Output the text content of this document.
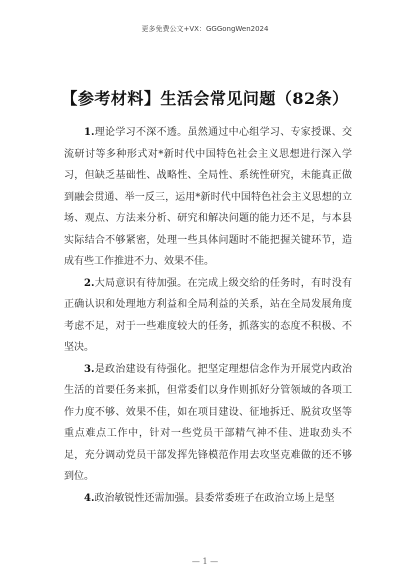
更多免费公文+VX：GGGongWen2024
【参考材料】生活会常见问题（82条）

1.理论学习不深不透。虽然通过中心组学习、专家授课、交流研讨等多种形式对*新时代中国特色社会主义思想进行深入学习，但缺乏基础性、战略性、全局性、系统性研究，未能真正做到融会贯通、举一反三，运用*新时代中国特色社会主义思想的立场、观点、方法来分析、研究和解决问题的能力还不足，与本县实际结合不够紧密，处理一些具体问题时不能把握关键环节，造成有些工作推进不力、效果不佳。

2.大局意识有待加强。在完成上级交给的任务时，有时没有正确认识和处理地方利益和全局利益的关系，站在全局发展角度考虑不足，对于一些难度较大的任务，抓落实的态度不积极、不坚决。

3.是政治建设有待强化。把坚定理想信念作为开展党内政治生活的首要任务来抓，但常委们以身作则抓好分管领域的各项工作力度不够、效果不佳，如在项目建设、征地拆迁、脱贫攻坚等重点难点工作中，针对一些党员干部精气神不佳、进取劲头不足，充分调动党员干部发挥先锋模范作用去攻坚克难做的还不够到位。

4.政治敏锐性还需加强。县委常委班子在政治立场上是坚

— 1 —
